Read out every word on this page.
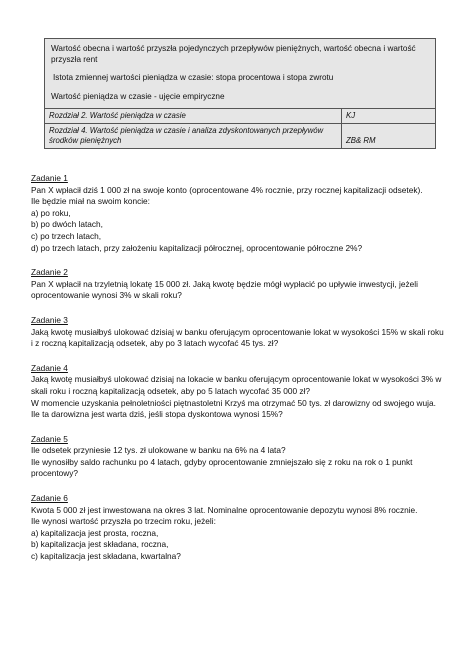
Wartość obecna i wartość przyszła pojedynczych przepływów pieniężnych, wartość obecna i wartość przyszła rent

Istota zmiennej wartości pieniądza w czasie: stopa procentowa i stopa zwrotu

Wartość pieniądza w czasie - ujęcie empiryczne

Rozdział 2. Wartość pieniądza w czasie	KJ
Rozdział 4. Wartość pieniądza w czasie i analiza zdyskontowanych przepływów środków pieniężnych	ZB& RM
Zadanie 1

Pan X wpłacił dziś 1 000 zł na swoje konto (oprocentowane 4% rocznie, przy rocznej kapitalizacji odsetek).

Ile będzie miał na swoim koncie:

a) po roku,

b) po dwóch latach,

c) po trzech latach,

d) po trzech latach, przy założeniu kapitalizacji półrocznej, oprocentowanie półroczne 2%?

Zadanie 2

Pan X wpłacił na trzyletnią lokatę 15 000 zł. Jaką kwotę będzie mógł wypłacić po upływie inwestycji, jeżeli oprocentowanie wynosi 3% w skali roku?

Zadanie 3

Jaką kwotę musiałbyś ulokować dzisiaj w banku oferującym oprocentowanie lokat w wysokości 15% w skali roku i z roczną kapitalizacją odsetek, aby po 3 latach wycofać 45 tys. zł?

Zadanie 4

Jaką kwotę musiałbyś ulokować dzisiaj na lokacie w banku oferującym oprocentowanie lokat w wysokości 3% w skali roku i roczną kapitalizacją odsetek, aby po 5 latach wycofać 35 000 zł?

W momencie uzyskania pełnoletniości piętnastoletni Krzyś ma otrzymać 50 tys. zł darowizny od swojego wuja. Ile ta darowizna jest warta dziś, jeśli stopa dyskontowa wynosi 15%?

Zadanie 5

Ile odsetek przyniesie 12 tys. zł ulokowane w banku na 6% na 4 lata?

Ile wynosiłby saldo rachunku po 4 latach, gdyby oprocentowanie zmniejszało się z roku na rok o 1 punkt procentowy?

Zadanie 6

Kwota 5 000 zł jest inwestowana na okres 3 lat. Nominalne oprocentowanie depozytu wynosi 8% rocznie.

Ile wynosi wartość przyszła po trzecim roku, jeżeli:

a) kapitalizacja jest prosta, roczna,

b) kapitalizacja jest składana, roczna,

c) kapitalizacja jest składana, kwartalna?
